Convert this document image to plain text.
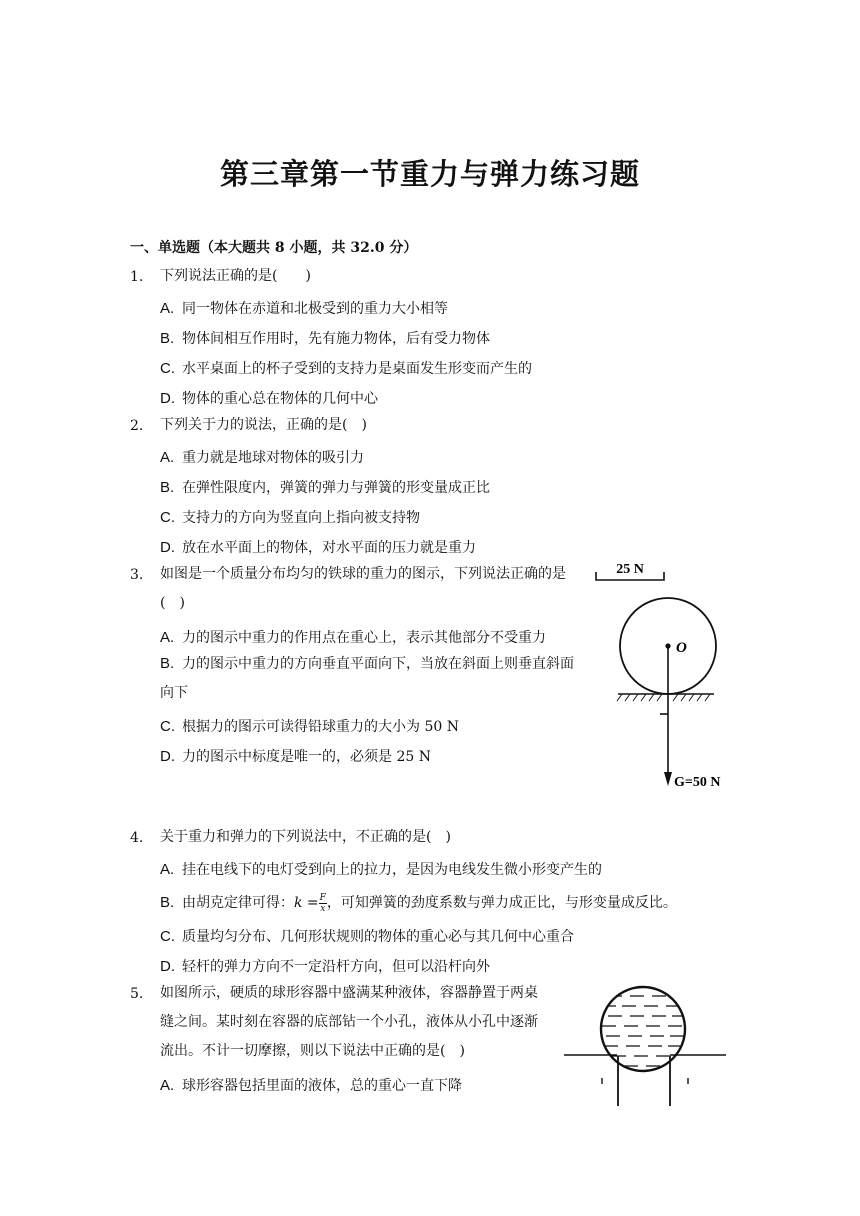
第三章第一节重力与弹力练习题
一、单选题（本大题共 8 小题，共 32.0 分）
1. 下列说法正确的是(　　)
A. 同一物体在赤道和北极受到的重力大小相等
B. 物体间相互作用时，先有施力物体，后有受力物体
C. 水平桌面上的杯子受到的支持力是桌面发生形变而产生的
D. 物体的重心总在物体的几何中心
2. 下列关于力的说法，正确的是(　)
A. 重力就是地球对物体的吸引力
B. 在弹性限度内，弹簧的弹力与弹簧的形变量成正比
C. 支持力的方向为竖直向上指向被支持物
D. 放在水平面上的物体，对水平面的压力就是重力
3. 如图是一个质量分布均匀的铁球的重力的图示，下列说法正确的是(　)
A. 力的图示中重力的作用点在重心上，表示其他部分不受重力
B. 力的图示中重力的方向垂直平面向下，当放在斜面上则垂直斜面向下
C. 根据力的图示可读得铅球重力的大小为 50 N
D. 力的图示中标度是唯一的，必须是 25 N
25 N
O
G=50 N
4. 关于重力和弹力的下列说法中，不正确的是(　)
A. 挂在电线下的电灯受到向上的拉力，是因为电线发生微小形变产生的
B. 由胡克定律可得：$k = \frac{F}{x}$ ，可知弹簧的劲度系数与弹力成正比，与形变量成反比。
C. 质量均匀分布、几何形状规则的物体的重心必与其几何中心重合
D. 轻杆的弹力方向不一定沿杆方向，但可以沿杆向外
5. 如图所示，硬质的球形容器中盛满某种液体，容器静置于两桌缝之间。某时刻在容器的底部钻一个小孔，液体从小孔中逐渐流出。不计一切摩擦，则以下说法中正确的是(　)
A. 球形容器包括里面的液体，总的重心一直下降
